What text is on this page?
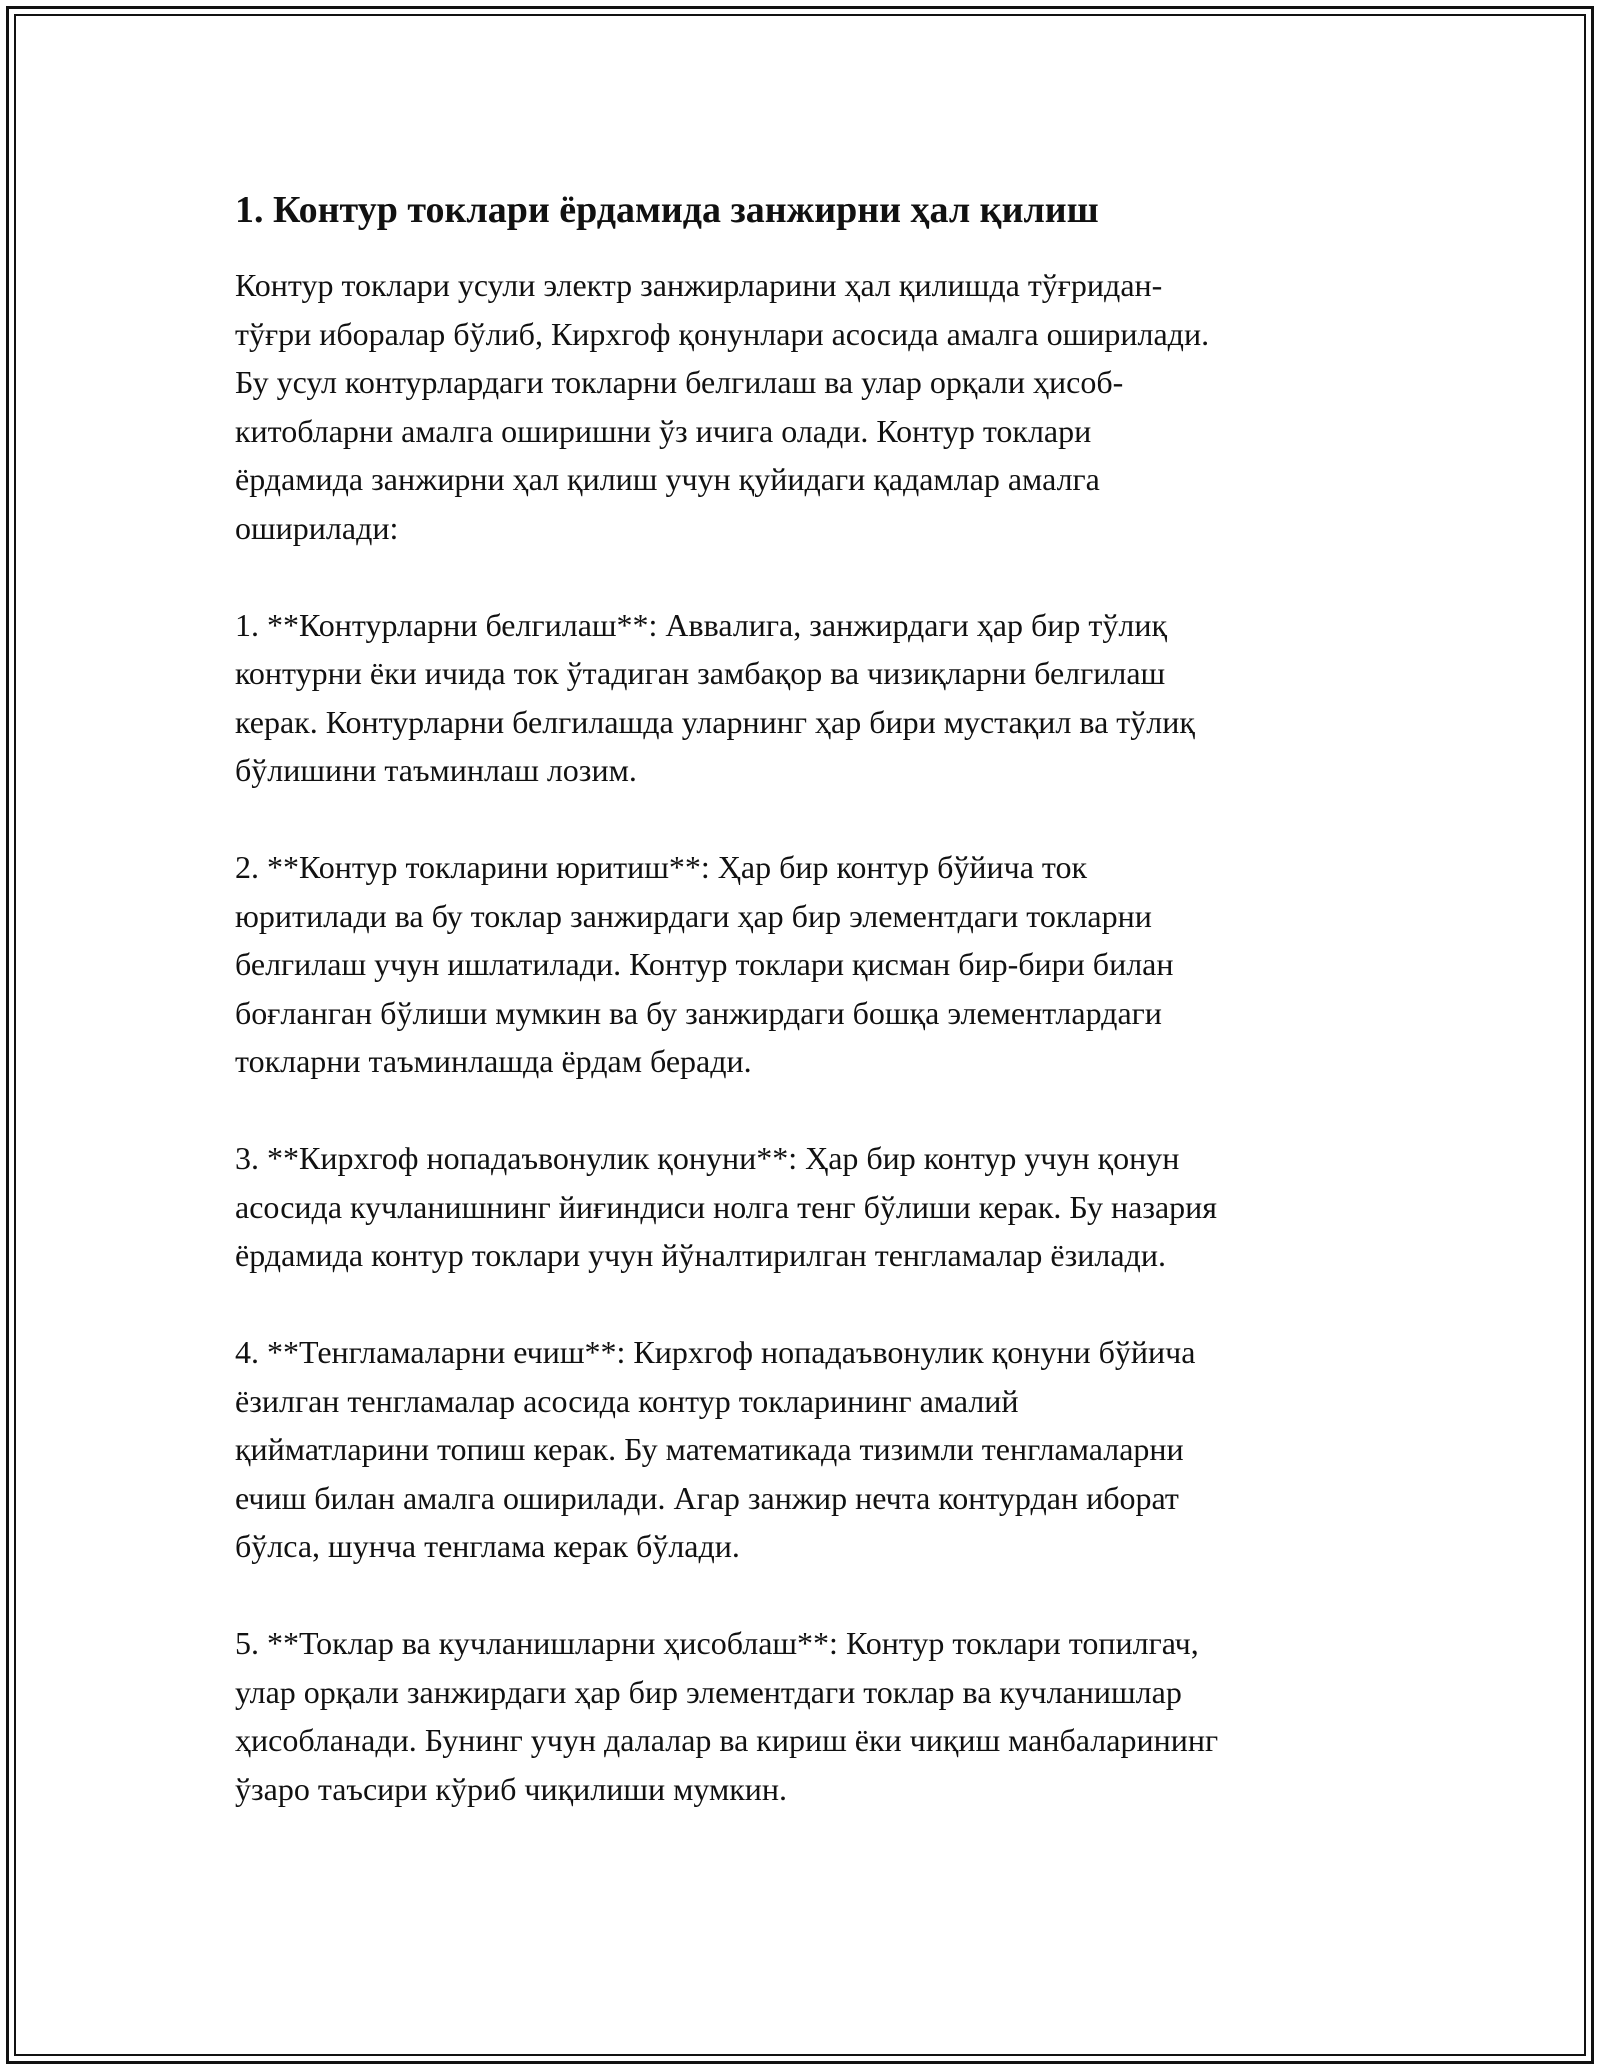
1. Контур токлари ёрдамида занжирни ҳал қилиш

Контур токлари усули электр занжирларини ҳал қилишда тўғридан-
тўғри иборалар бўлиб, Кирхгоф қонунлари асосида амалга оширилади.
Бу усул контурлардаги токларни белгилаш ва улар орқали ҳисоб-
китобларни амалга оширишни ўз ичига олади. Контур токлари
ёрдамида занжирни ҳал қилиш учун қуйидаги қадамлар амалга
оширилади:

1. **Контурларни белгилаш**: Аввалига, занжирдаги ҳар бир тўлиқ
контурни ёки ичида ток ўтадиган замбақор ва чизиқларни белгилаш
керак. Контурларни белгилашда уларнинг ҳар бири мустақил ва тўлиқ
бўлишини таъминлаш лозим.

2. **Контур токларини юритиш**: Ҳар бир контур бўйича ток
юритилади ва бу токлар занжирдаги ҳар бир элементдаги токларни
белгилаш учун ишлатилади. Контур токлари қисман бир-бири билан
боғланган бўлиши мумкин ва бу занжирдаги бошқа элементлардаги
токларни таъминлашда ёрдам беради.

3. **Кирхгоф нопадаъвонулик қонуни**: Ҳар бир контур учун қонун
асосида кучланишнинг йиғиндиси нолга тенг бўлиши керак. Бу назария
ёрдамида контур токлари учун йўналтирилган тенгламалар ёзилади.

4. **Тенгламаларни ечиш**: Кирхгоф нопадаъвонулик қонуни бўйича
ёзилган тенгламалар асосида контур токларининг амалий
қийматларини топиш керак. Бу математикада тизимли тенгламаларни
ечиш билан амалга оширилади. Агар занжир нечта контурдан иборат
бўлса, шунча тенглама керак бўлади.

5. **Токлар ва кучланишларни ҳисоблаш**: Контур токлари топилгач,
улар орқали занжирдаги ҳар бир элементдаги токлар ва кучланишлар
ҳисобланади. Бунинг учун далалар ва кириш ёки чиқиш манбаларининг
ўзаро таъсири кўриб чиқилиши мумкин.
